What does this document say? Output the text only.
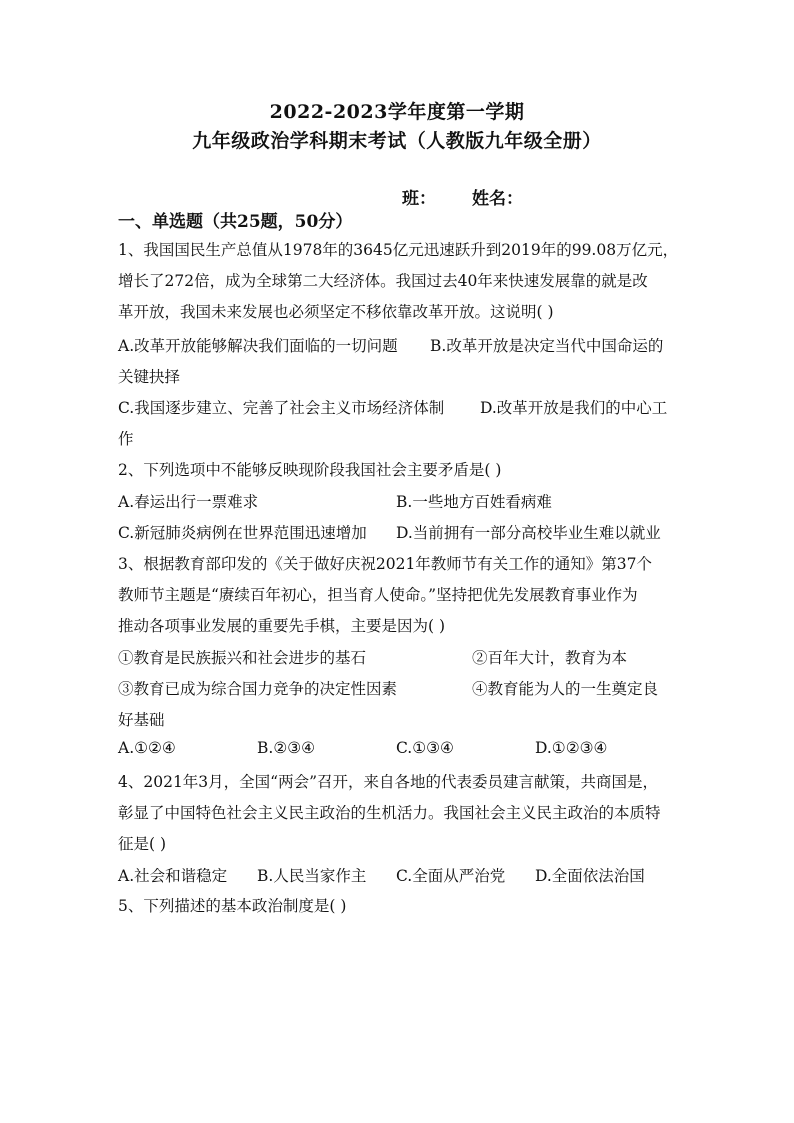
2022-2023学年度第一学期
九年级政治学科期末考试（人教版九年级全册）
班： 姓名：
一、单选题（共25题，50分）
1、我国国民生产总值从1978年的3645亿元迅速跃升到2019年的99.08万亿元，
增长了272倍，成为全球第二大经济体。我国过去40年来快速发展靠的就是改
革开放，我国未来发展也必须坚定不移依靠改革开放。这说明( )
A.改革开放能够解决我们面临的一切问题 B.改革开放是决定当代中国命运的
关键抉择
C.我国逐步建立、完善了社会主义市场经济体制 D.改革开放是我们的中心工
作
2、下列选项中不能够反映现阶段我国社会主要矛盾是( )
A.春运出行一票难求	B.一些地方百姓看病难
C.新冠肺炎病例在世界范围迅速增加 D.当前拥有一部分高校毕业生难以就业
3、根据教育部印发的《关于做好庆祝2021年教师节有关工作的通知》第37个
教师节主题是“赓续百年初心，担当育人使命。”坚持把优先发展教育事业作为
推动各项事业发展的重要先手棋，主要是因为( )
①教育是民族振兴和社会进步的基石	②百年大计，教育为本
③教育已成为综合国力竞争的决定性因素	④教育能为人的一生奠定良
好基础
A.①②④	B.②③④	C.①③④	D.①②③④
4、2021年3月，全国“两会”召开，来自各地的代表委员建言献策，共商国是，
彰显了中国特色社会主义民主政治的生机活力。我国社会主义民主政治的本质特
征是( )
A.社会和谐稳定 B.人民当家作主 C.全面从严治党 D.全面依法治国
5、下列描述的基本政治制度是( )
